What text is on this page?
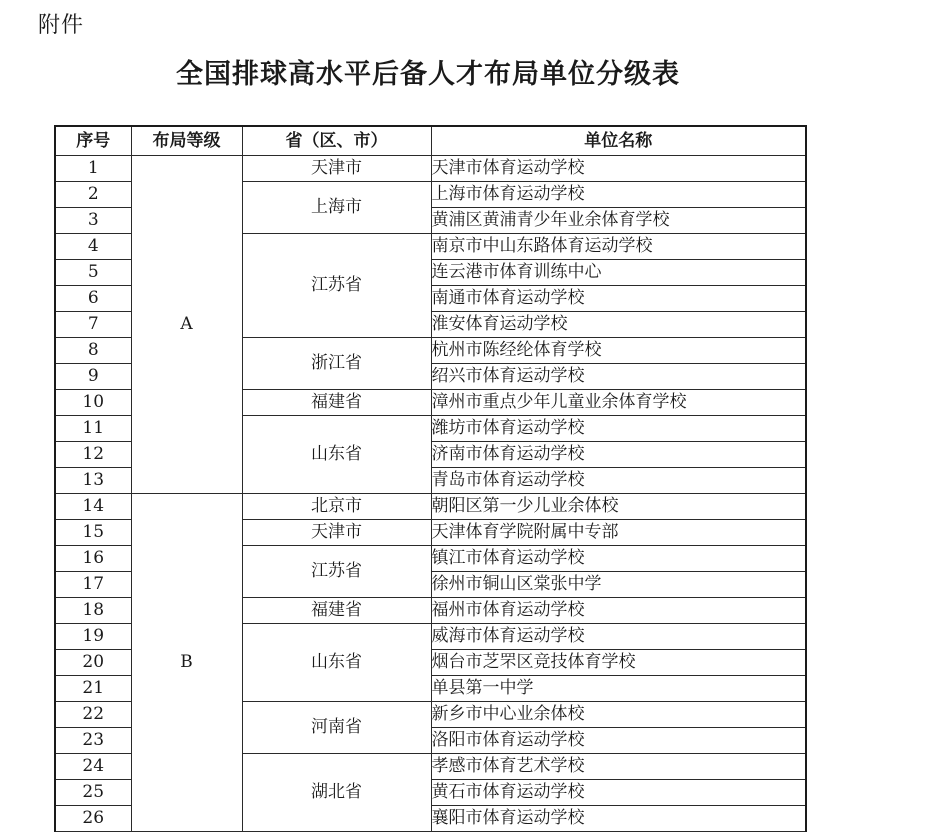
附件
全国排球高水平后备人才布局单位分级表
序号	布局等级	省（区、市）	单位名称
1	A	天津市	天津市体育运动学校
2		上海市	上海市体育运动学校
3			黄浦区黄浦青少年业余体育学校
4		江苏省	南京市中山东路体育运动学校
5			连云港市体育训练中心
6			南通市体育运动学校
7			淮安体育运动学校
8		浙江省	杭州市陈经纶体育学校
9			绍兴市体育运动学校
10		福建省	漳州市重点少年儿童业余体育学校
11		山东省	潍坊市体育运动学校
12			济南市体育运动学校
13			青岛市体育运动学校
14	B	北京市	朝阳区第一少儿业余体校
15		天津市	天津体育学院附属中专部
16		江苏省	镇江市体育运动学校
17			徐州市铜山区棠张中学
18		福建省	福州市体育运动学校
19		山东省	威海市体育运动学校
20			烟台市芝罘区竞技体育学校
21			单县第一中学
22		河南省	新乡市中心业余体校
23			洛阳市体育运动学校
24		湖北省	孝感市体育艺术学校
25			黄石市体育运动学校
26			襄阳市体育运动学校
